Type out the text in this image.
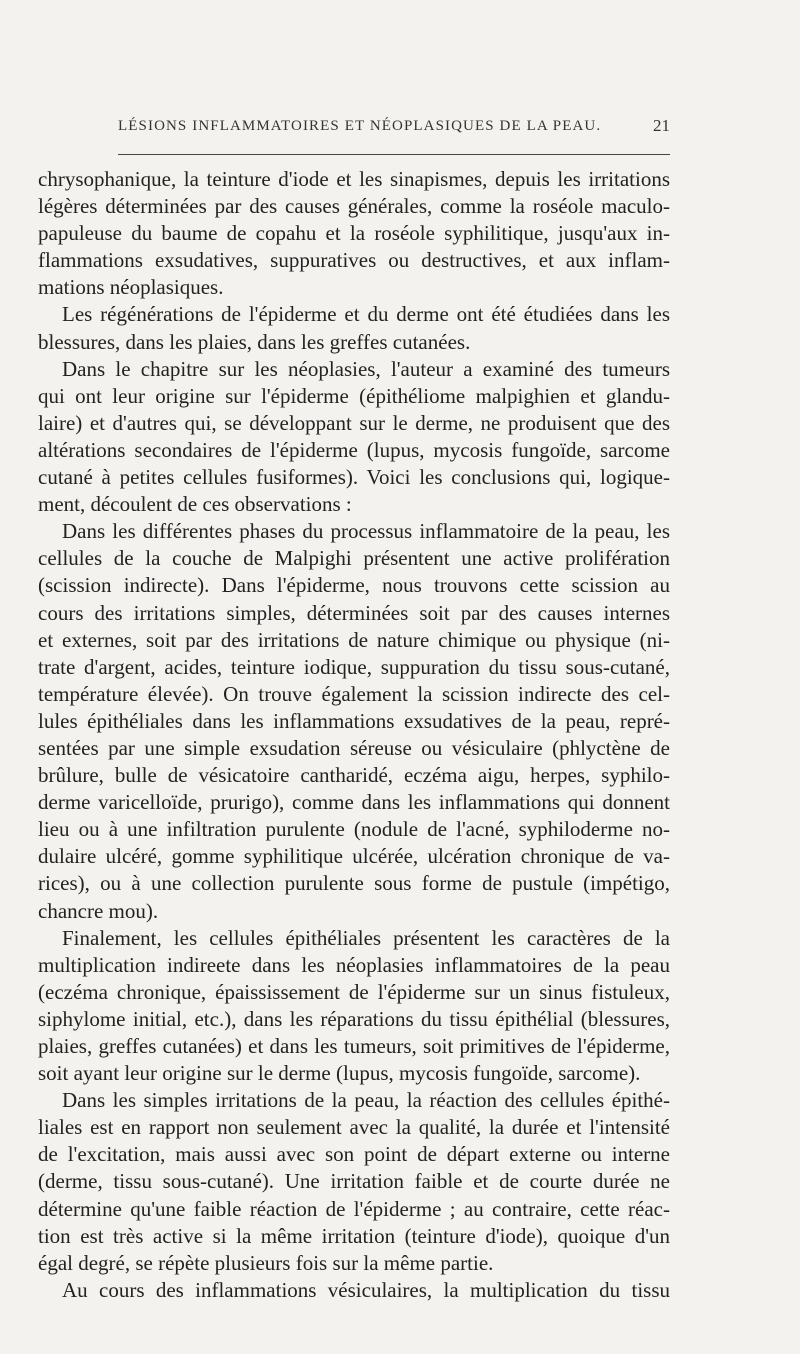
LÉSIONS INFLAMMATOIRES ET NÉOPLASIQUES DE LA PEAU.	21
chrysophanique, la teinture d'iode et les sinapismes, depuis les irritations
légères déterminées par des causes générales, comme la roséole maculo-
papuleuse du baume de copahu et la roséole syphilitique, jusqu'aux in-
flammations exsudatives, suppuratives ou destructives, et aux inflam-
mations néoplasiques.
Les régénérations de l'épiderme et du derme ont été étudiées dans les
blessures, dans les plaies, dans les greffes cutanées.
Dans le chapitre sur les néoplasies, l'auteur a examiné des tumeurs
qui ont leur origine sur l'épiderme (épithéliome malpighien et glandu-
laire) et d'autres qui, se développant sur le derme, ne produisent que des
altérations secondaires de l'épiderme (lupus, mycosis fungoïde, sarcome
cutané à petites cellules fusiformes). Voici les conclusions qui, logique-
ment, découlent de ces observations :
Dans les différentes phases du processus inflammatoire de la peau, les
cellules de la couche de Malpighi présentent une active prolifération
(scission indirecte). Dans l'épiderme, nous trouvons cette scission au
cours des irritations simples, déterminées soit par des causes internes
et externes, soit par des irritations de nature chimique ou physique (ni-
trate d'argent, acides, teinture iodique, suppuration du tissu sous-cutané,
température élevée). On trouve également la scission indirecte des cel-
lules épithéliales dans les inflammations exsudatives de la peau, repré-
sentées par une simple exsudation séreuse ou vésiculaire (phlyctène de
brûlure, bulle de vésicatoire cantharidé, eczéma aigu, herpes, syphilo-
derme varicelloïde, prurigo), comme dans les inflammations qui donnent
lieu ou à une infiltration purulente (nodule de l'acné, syphiloderme no-
dulaire ulcéré, gomme syphilitique ulcérée, ulcération chronique de va-
rices), ou à une collection purulente sous forme de pustule (impétigo,
chancre mou).
Finalement, les cellules épithéliales présentent les caractères de la
multiplication indireete dans les néoplasies inflammatoires de la peau
(eczéma chronique, épaississement de l'épiderme sur un sinus fistuleux,
siphylome initial, etc.), dans les réparations du tissu épithélial (blessures,
plaies, greffes cutanées) et dans les tumeurs, soit primitives de l'épiderme,
soit ayant leur origine sur le derme (lupus, mycosis fungoïde, sarcome).
Dans les simples irritations de la peau, la réaction des cellules épithé-
liales est en rapport non seulement avec la qualité, la durée et l'intensité
de l'excitation, mais aussi avec son point de départ externe ou interne
(derme, tissu sous-cutané). Une irritation faible et de courte durée ne
détermine qu'une faible réaction de l'épiderme ; au contraire, cette réac-
tion est très active si la même irritation (teinture d'iode), quoique d'un
égal degré, se répète plusieurs fois sur la même partie.
Au cours des inflammations vésiculaires, la multiplication du tissu
